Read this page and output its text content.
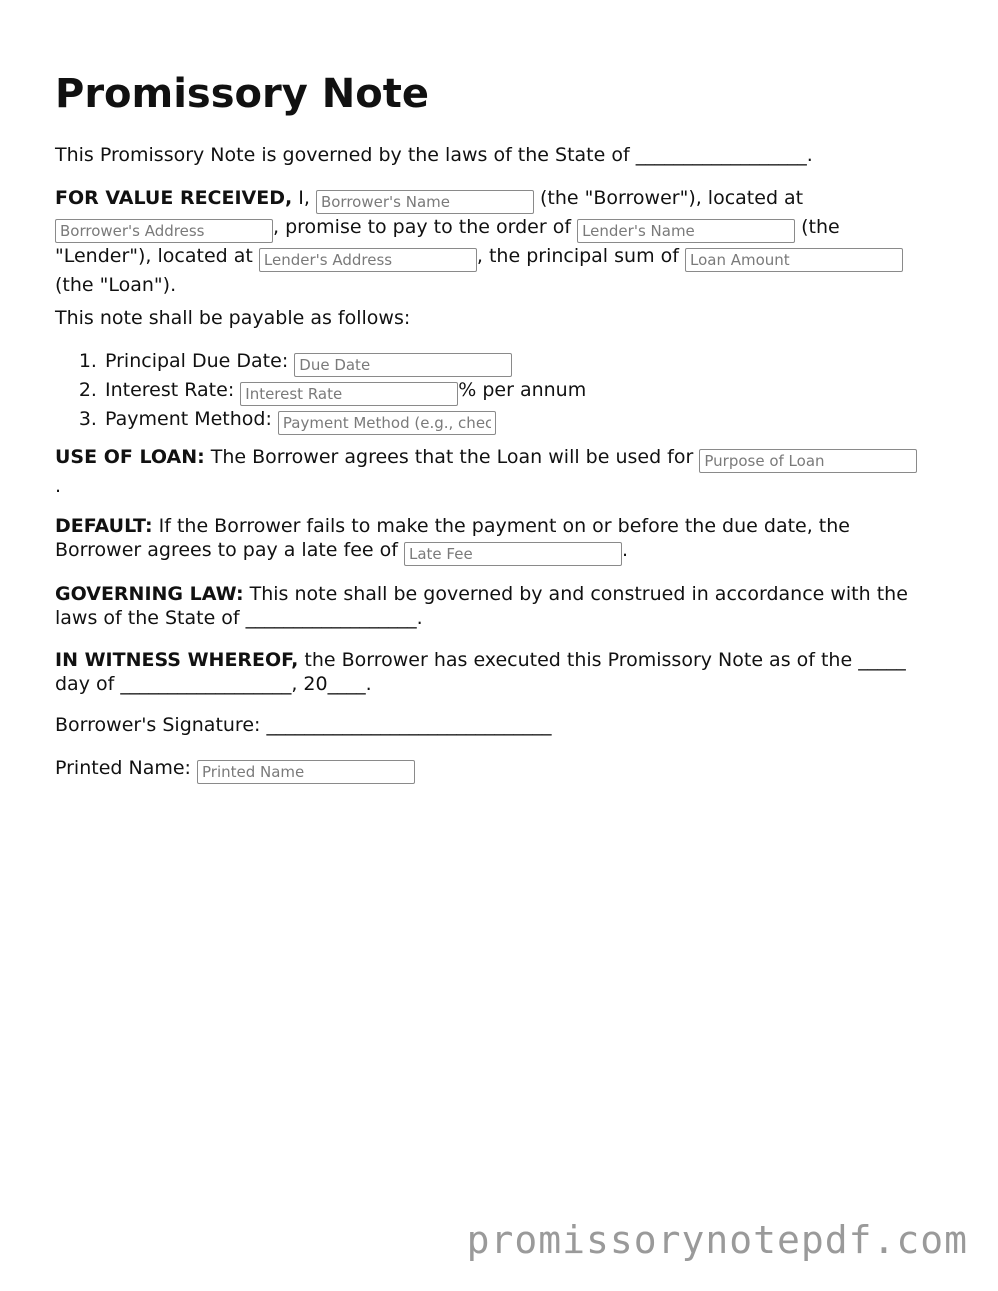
Promissory Note

This Promissory Note is governed by the laws of the State of __________________.

FOR VALUE RECEIVED, I, Borrower's Name	(the "Borrower"), located at Borrower's Address, promise to pay to the order of Lender's Name	(the "Lender"), located at Lender's Address	, the principal sum of Loan Amount (the "Loan").

This note shall be payable as follows:

1. Principal Due Date: Due Date
2. Interest Rate: Interest Rate	% per annum
3. Payment Method: Payment Method (e.g., check, bank transfer)

USE OF LOAN: The Borrower agrees that the Loan will be used for Purpose of Loan
.

DEFAULT: If the Borrower fails to make the payment on or before the due date, the Borrower agrees to pay a late fee of Late Fee	.

GOVERNING LAW: This note shall be governed by and construed in accordance with the laws of the State of __________________.

IN WITNESS WHEREOF, the Borrower has executed this Promissory Note as of the _____ day of __________________, 20____.

Borrower's Signature: ______________________________

Printed Name: Printed Name

promissorynotepdf.com
